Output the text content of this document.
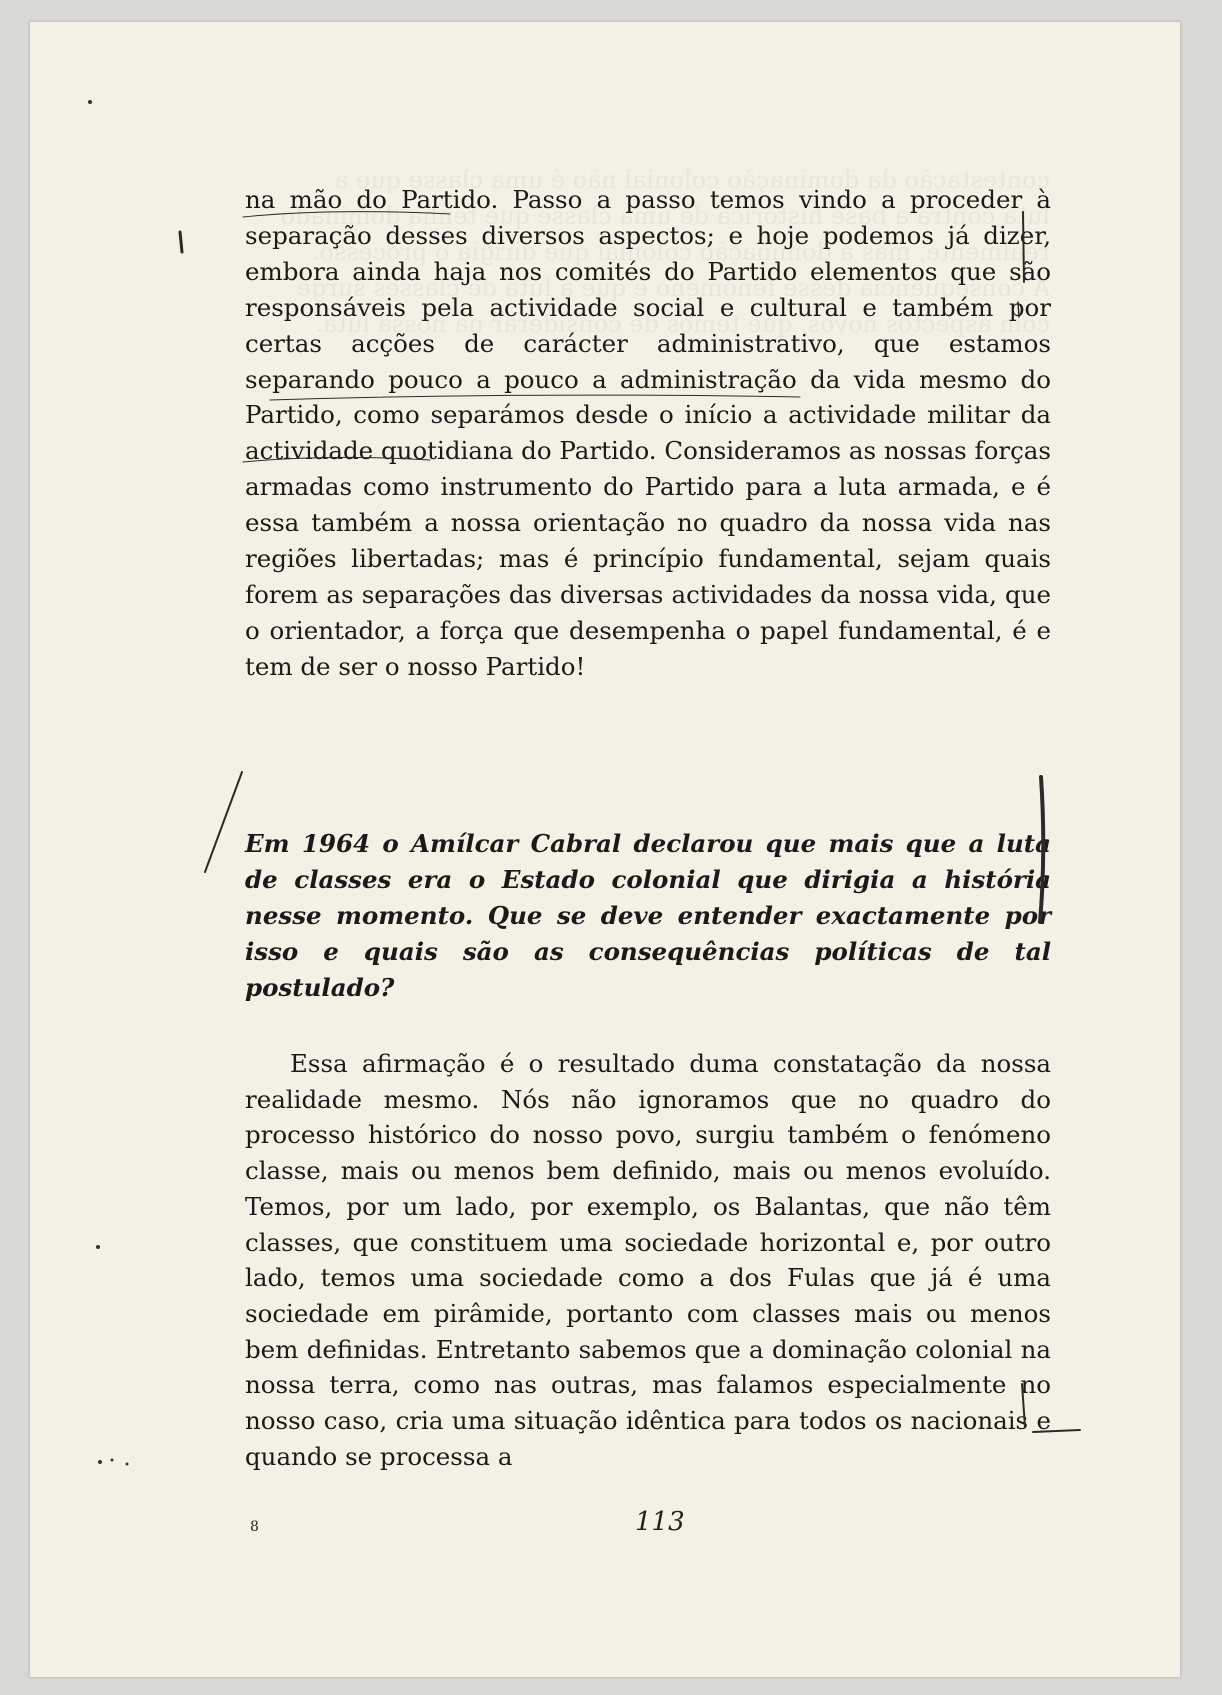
na mão do Partido. Passo a passo temos vindo a proceder à separação desses diversos aspectos; e hoje podemos já dizer, embora ainda haja nos comités do Partido elementos que são responsáveis pela actividade social e cultural e também por certas acções de carácter administrativo, que estamos separando pouco a pouco a administração da vida mesmo do Partido, como separámos desde o início a actividade militar da actividade quotidiana do Partido. Consideramos as nossas forças armadas como instrumento do Partido para a luta armada, e é essa também a nossa orientação no quadro da nossa vida nas regiões libertadas; mas é princípio fundamental, sejam quais forem as separações das diversas actividades da nossa vida, que o orientador, a força que desempenha o papel fundamental, é e tem de ser o nosso Partido!

Em 1964 o Amílcar Cabral declarou que mais que a luta de classes era o Estado colonial que dirigia a história nesse momento. Que se deve entender exactamente por isso e quais são as consequências políticas de tal postulado?

Essa afirmação é o resultado duma constatação da nossa realidade mesmo. Nós não ignoramos que no quadro do processo histórico do nosso povo, surgiu também o fenómeno classe, mais ou menos bem definido, mais ou menos evoluído. Temos, por um lado, por exemplo, os Balantas, que não têm classes, que constituem uma sociedade horizontal e, por outro lado, temos uma sociedade como a dos Fulas que já é uma sociedade em pirâmide, portanto com classes mais ou menos bem definidas. Entretanto sabemos que a dominação colonial na nossa terra, como nas outras, mas falamos especialmente no nosso caso, cria uma situação idêntica para todos os nacionais e quando se processa a

8	113
